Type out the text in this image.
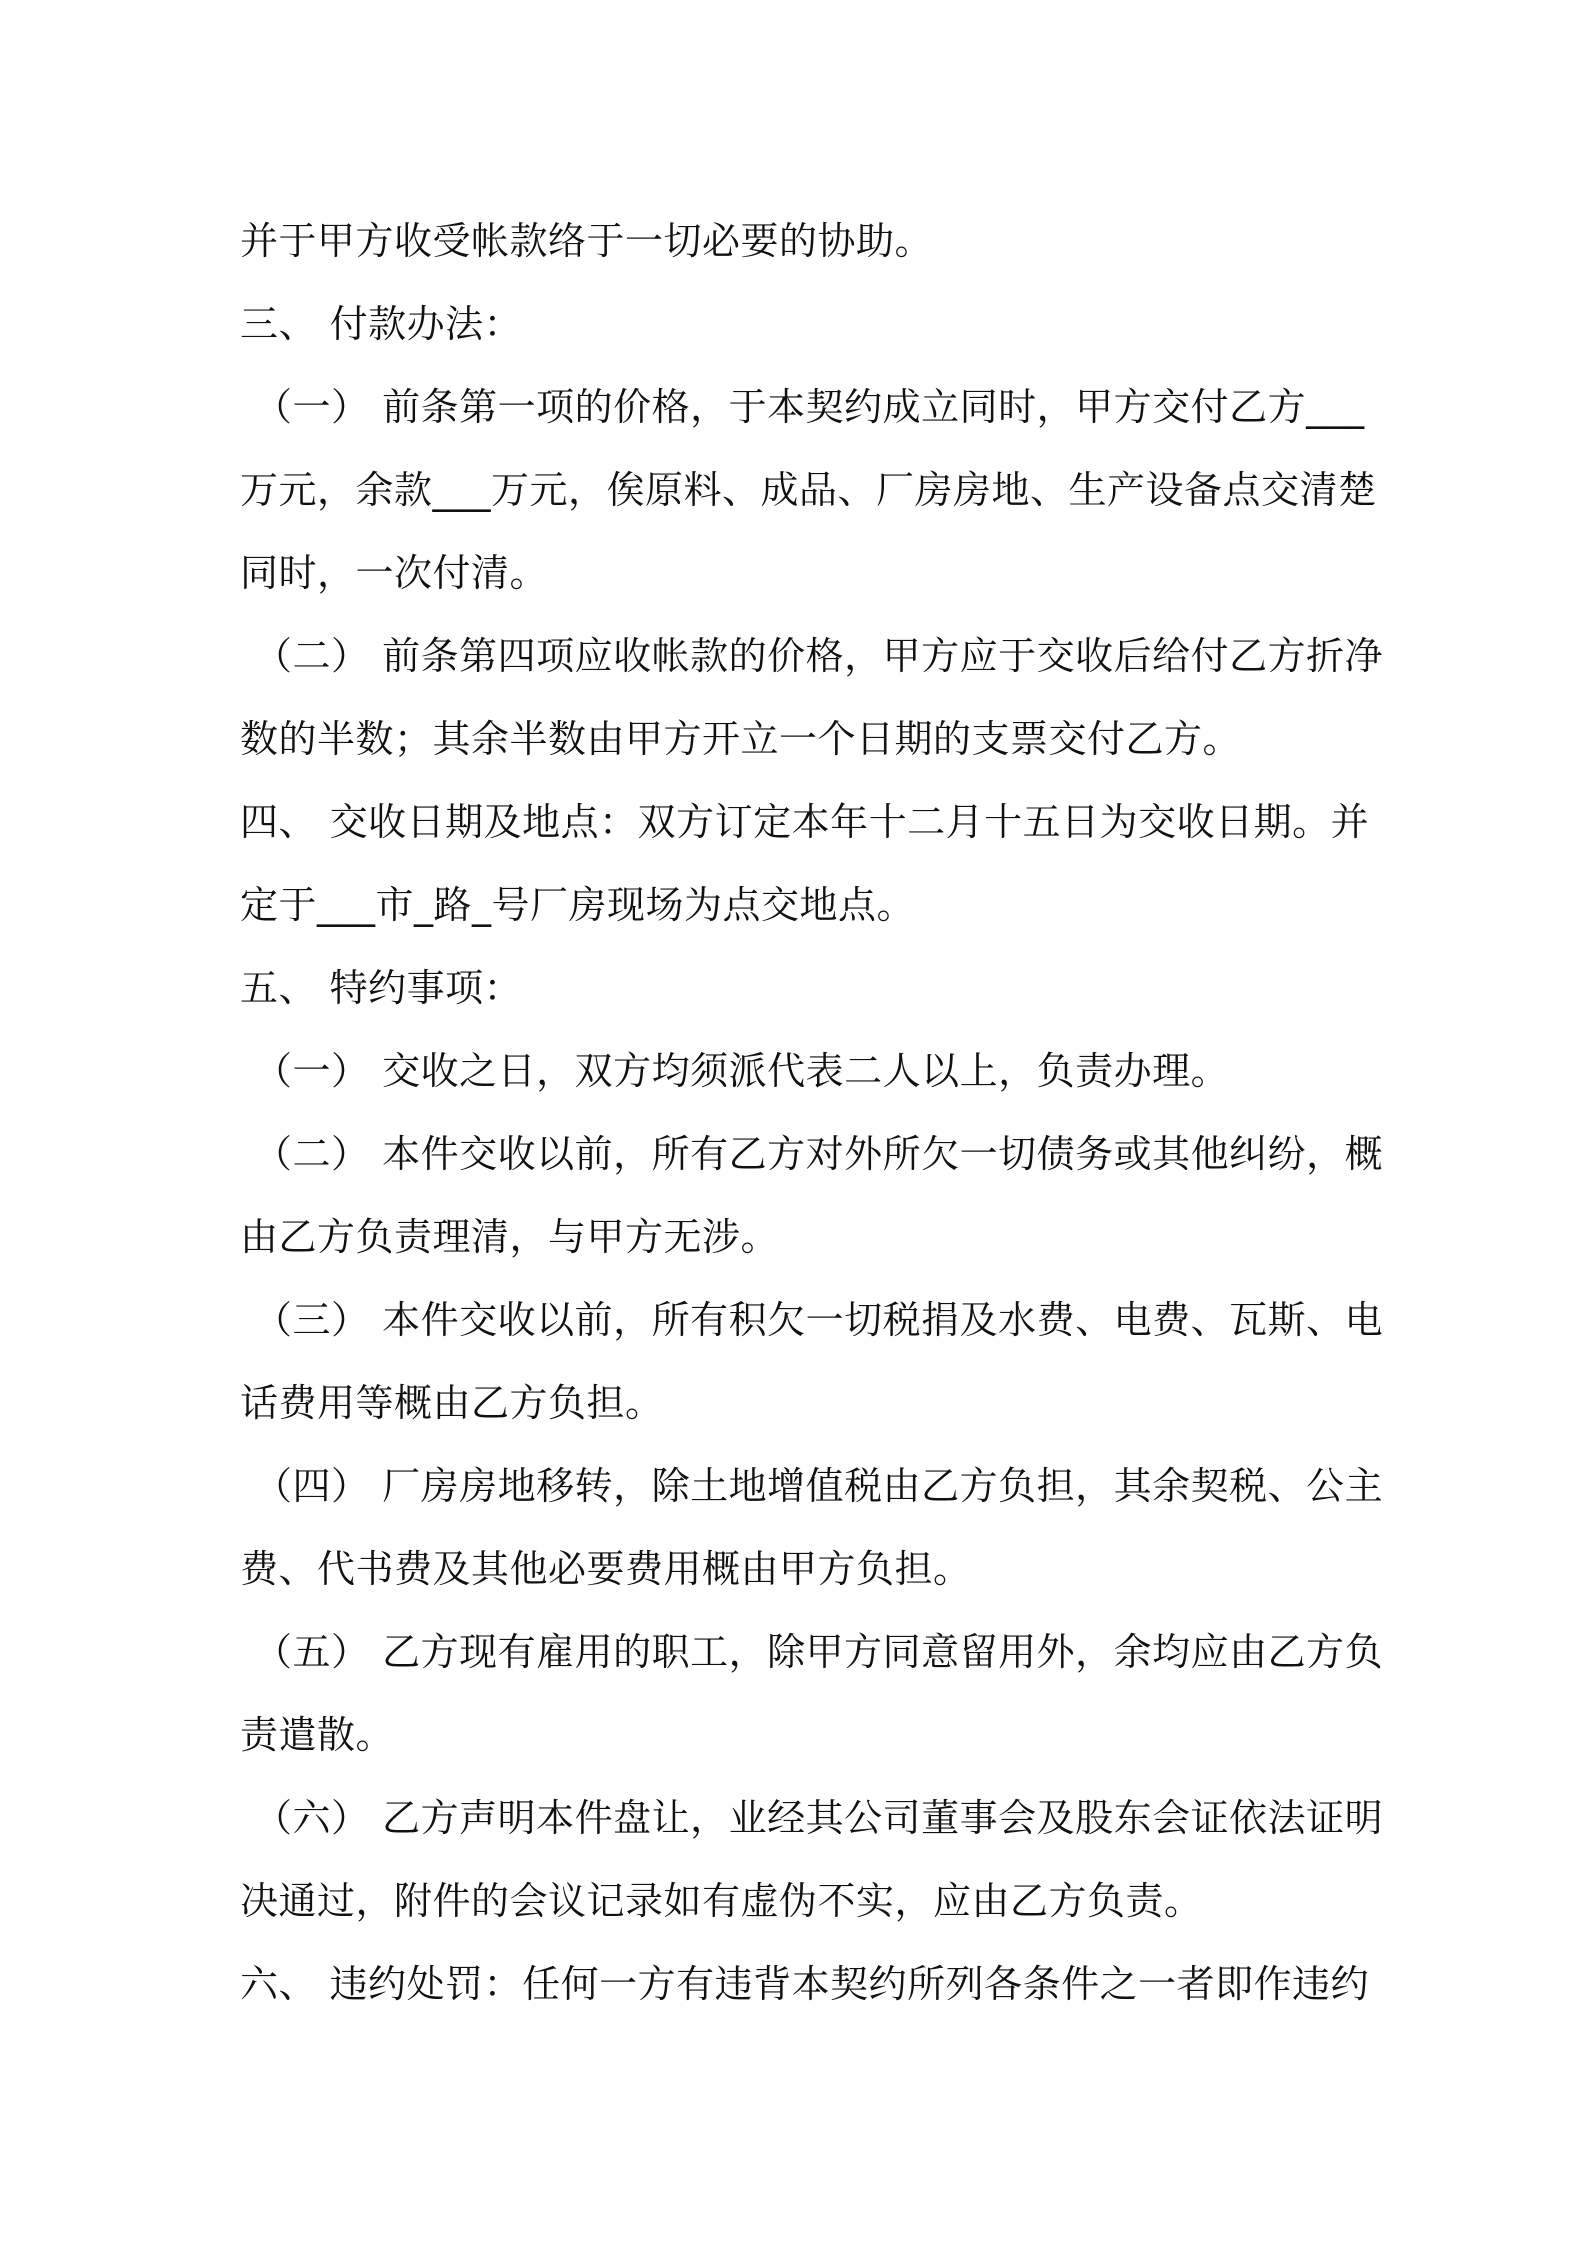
并于甲方收受帐款络于一切必要的协助。
三、 付款办法：
（一） 前条第一项的价格，于本契约成立同时，甲方交付乙方___
万元，余款___万元，俟原料、成品、厂房房地、生产设备点交清楚
同时，一次付清。
（二） 前条第四项应收帐款的价格，甲方应于交收后给付乙方折净
数的半数；其余半数由甲方开立一个日期的支票交付乙方。
四、 交收日期及地点：双方订定本年十二月十五日为交收日期。并
定于___市_路_号厂房现场为点交地点。
五、 特约事项：
（一） 交收之日，双方均须派代表二人以上，负责办理。
（二） 本件交收以前，所有乙方对外所欠一切债务或其他纠纷，概
由乙方负责理清，与甲方无涉。
（三） 本件交收以前，所有积欠一切税捐及水费、电费、瓦斯、电
话费用等概由乙方负担。
（四） 厂房房地移转，除土地增值税由乙方负担，其余契税、公主
费、代书费及其他必要费用概由甲方负担。
（五） 乙方现有雇用的职工，除甲方同意留用外，余均应由乙方负
责遣散。
（六） 乙方声明本件盘让，业经其公司董事会及股东会证依法证明
决通过，附件的会议记录如有虚伪不实，应由乙方负责。
六、 违约处罚：任何一方有违背本契约所列各条件之一者即作违约
